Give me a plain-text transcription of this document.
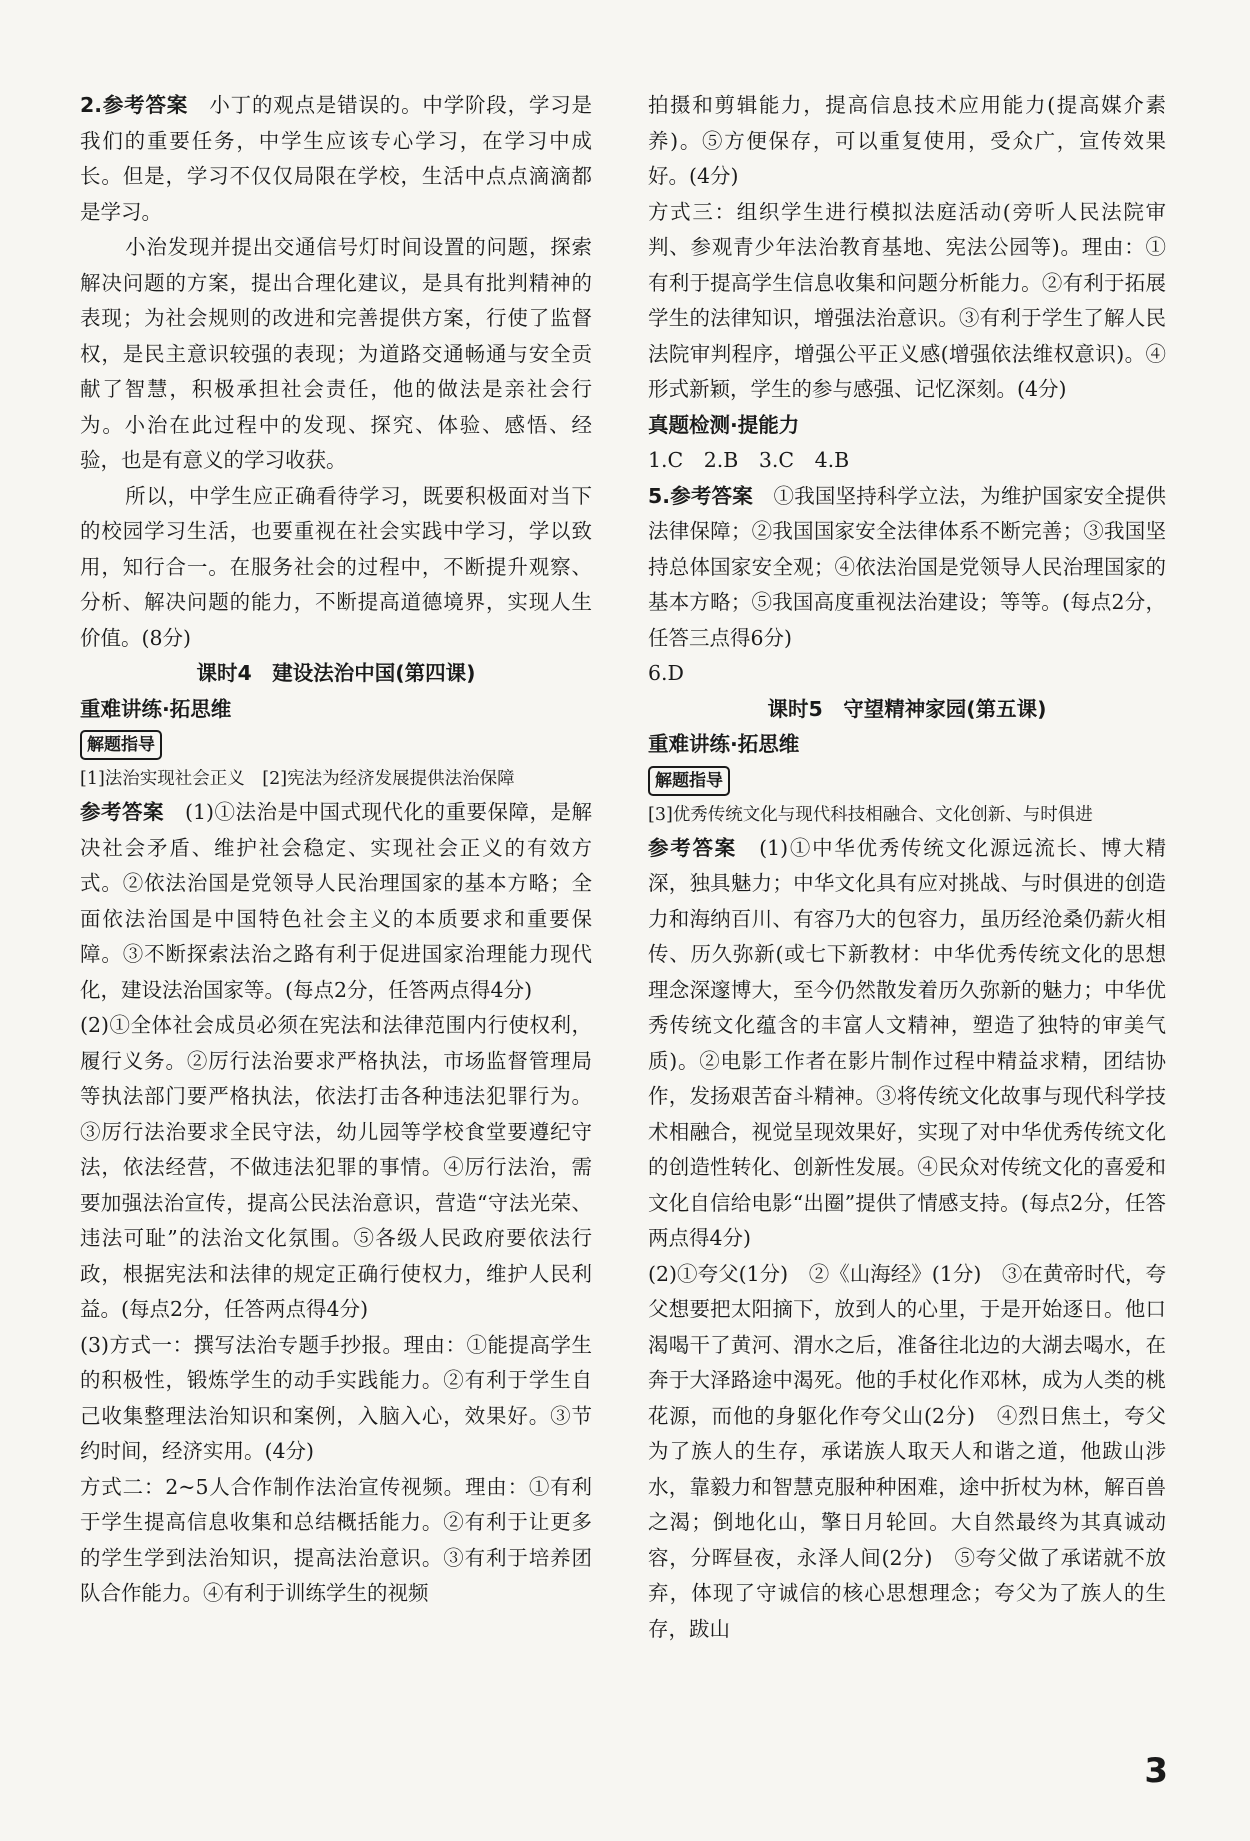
2.参考答案　 小丁的观点是错误的。中学阶段，学习是我们的重要任务，中学生应该专心学习，在学习中成长。但是，学习不仅仅局限在学校，生活中点点滴滴都是学习。

小治发现并提出交通信号灯时间设置的问题，探索解决问题的方案，提出合理化建议，是具有批判精神的表现；为社会规则的改进和完善提供方案，行使了监督权，是民主意识较强的表现；为道路交通畅通与安全贡献了智慧，积极承担社会责任，他的做法是亲社会行为。小治在此过程中的发现、探究、体验、感悟、经验，也是有意义的学习收获。

所以，中学生应正确看待学习，既要积极面对当下的校园学习生活，也要重视在社会实践中学习，学以致用，知行合一。在服务社会的过程中，不断提升观察、分析、解决问题的能力，不断提高道德境界，实现人生价值。(8分)

课时4　建设法治中国(第四课)
重难讲练·拓思维
解题指导

[1]法治实现社会正义　[2]宪法为经济发展提供法治保障

参考答案　 (1)①法治是中国式现代化的重要保障，是解决社会矛盾、维护社会稳定、实现社会正义的有效方式。②依法治国是党领导人民治理国家的基本方略；全面依法治国是中国特色社会主义的本质要求和重要保障。③不断探索法治之路有利于促进国家治理能力现代化，建设法治国家等。(每点2分，任答两点得4分)

(2)①全体社会成员必须在宪法和法律范围内行使权利，履行义务。②厉行法治要求严格执法，市场监督管理局等执法部门要严格执法，依法打击各种违法犯罪行为。③厉行法治要求全民守法，幼儿园等学校食堂要遵纪守法，依法经营，不做违法犯罪的事情。④厉行法治，需要加强法治宣传，提高公民法治意识，营造“守法光荣、违法可耻”的法治文化氛围。⑤各级人民政府要依法行政，根据宪法和法律的规定正确行使权力，维护人民利益。(每点2分，任答两点得4分)

(3)方式一：撰写法治专题手抄报。理由：①能提高学生的积极性，锻炼学生的动手实践能力。②有利于学生自己收集整理法治知识和案例，入脑入心，效果好。③节约时间，经济实用。(4分)

方式二：2~5人合作制作法治宣传视频。理由：①有利于学生提高信息收集和总结概括能力。②有利于让更多的学生学到法治知识，提高法治意识。③有利于培养团队合作能力。④有利于训练学生的视频

拍摄和剪辑能力，提高信息技术应用能力(提高媒介素养)。⑤方便保存，可以重复使用，受众广，宣传效果好。(4分)

方式三：组织学生进行模拟法庭活动(旁听人民法院审判、参观青少年法治教育基地、宪法公园等)。理由：①有利于提高学生信息收集和问题分析能力。②有利于拓展学生的法律知识，增强法治意识。③有利于学生了解人民法院审判程序，增强公平正义感(增强依法维权意识)。④形式新颖，学生的参与感强、记忆深刻。(4分)

真题检测·提能力

1.C　2.B　3.C　4.B

5.参考答案　 ①我国坚持科学立法，为维护国家安全提供法律保障；②我国国家安全法律体系不断完善；③我国坚持总体国家安全观；④依法治国是党领导人民治理国家的基本方略；⑤我国高度重视法治建设；等等。(每点2分，任答三点得6分)

6.D

课时5　守望精神家园(第五课)
重难讲练·拓思维
解题指导

[3]优秀传统文化与现代科技相融合、文化创新、与时俱进

参考答案　 (1)①中华优秀传统文化源远流长、博大精深，独具魅力；中华文化具有应对挑战、与时俱进的创造力和海纳百川、有容乃大的包容力，虽历经沧桑仍薪火相传、历久弥新(或七下新教材：中华优秀传统文化的思想理念深邃博大，至今仍然散发着历久弥新的魅力；中华优秀传统文化蕴含的丰富人文精神，塑造了独特的审美气质)。②电影工作者在影片制作过程中精益求精，团结协作，发扬艰苦奋斗精神。③将传统文化故事与现代科学技术相融合，视觉呈现效果好，实现了对中华优秀传统文化的创造性转化、创新性发展。④民众对传统文化的喜爱和文化自信给电影“出圈”提供了情感支持。(每点2分，任答两点得4分)

(2)①夸父(1分)　②《山海经》(1分)　③在黄帝时代，夸父想要把太阳摘下，放到人的心里，于是开始逐日。他口渴喝干了黄河、渭水之后，准备往北边的大湖去喝水，在奔于大泽路途中渴死。他的手杖化作邓林，成为人类的桃花源，而他的身躯化作夸父山(2分)　④烈日焦土，夸父为了族人的生存，承诺族人取天人和谐之道，他跋山涉水，靠毅力和智慧克服种种困难，途中折杖为林，解百兽之渴；倒地化山，擎日月轮回。大自然最终为其真诚动容，分晖昼夜，永泽人间(2分)　⑤夸父做了承诺就不放弃，体现了守诚信的核心思想理念；夸父为了族人的生存，跋山

3
